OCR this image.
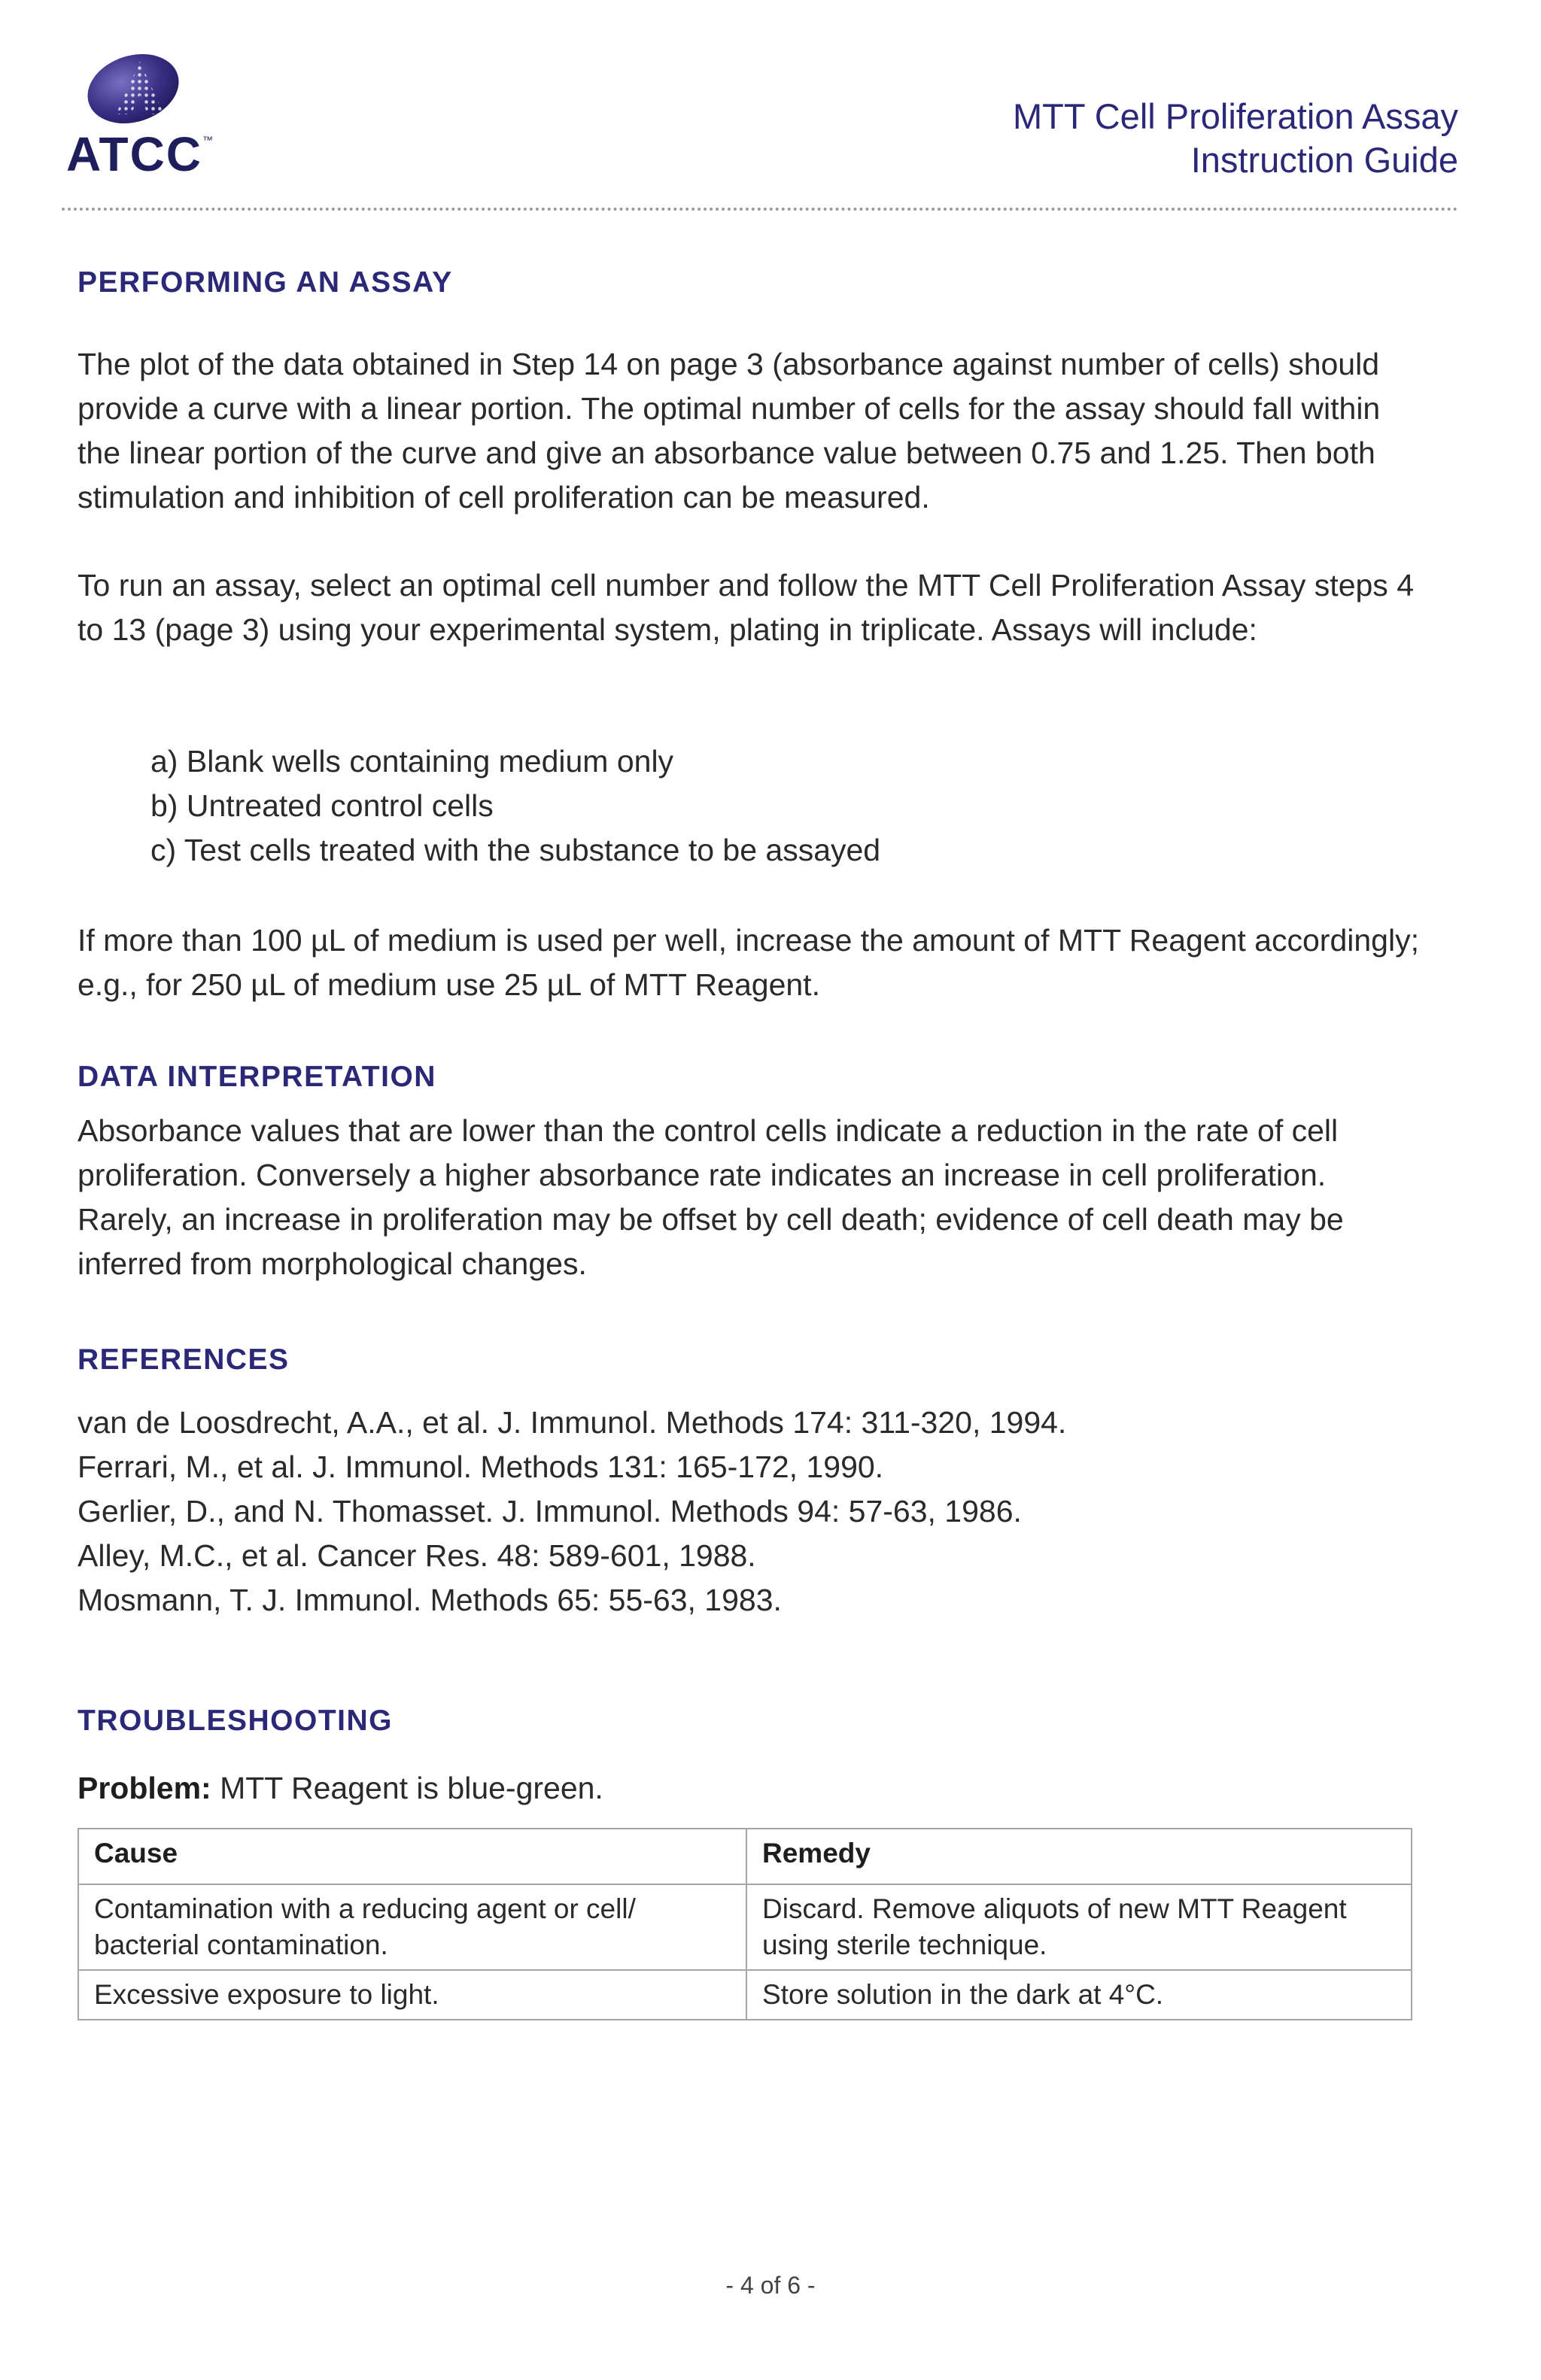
ATCC™
MTT Cell Proliferation Assay
Instruction Guide
PERFORMING AN ASSAY

The plot of the data obtained in Step 14 on page 3 (absorbance against number of cells) should provide a curve with a linear portion. The optimal number of cells for the assay should fall within the linear portion of the curve and give an absorbance value between 0.75 and 1.25. Then both stimulation and inhibition of cell proliferation can be measured.

To run an assay, select an optimal cell number and follow the MTT Cell Proliferation Assay steps 4 to 13 (page 3) using your experimental system, plating in triplicate. Assays will include:

a) Blank wells containing medium only
b) Untreated control cells
c) Test cells treated with the substance to be assayed

If more than 100 µL of medium is used per well, increase the amount of MTT Reagent accordingly; e.g., for 250 µL of medium use 25 µL of MTT Reagent.

DATA INTERPRETATION

Absorbance values that are lower than the control cells indicate a reduction in the rate of cell proliferation. Conversely a higher absorbance rate indicates an increase in cell proliferation. Rarely, an increase in proliferation may be offset by cell death; evidence of cell death may be inferred from morphological changes.

REFERENCES
van de Loosdrecht, A.A., et al. J. Immunol. Methods 174: 311-320, 1994.
Ferrari, M., et al. J. Immunol. Methods 131: 165-172, 1990.
Gerlier, D., and N. Thomasset. J. Immunol. Methods 94: 57-63, 1986.
Alley, M.C., et al. Cancer Res. 48: 589-601, 1988.
Mosmann, T. J. Immunol. Methods 65: 55-63, 1983.
TROUBLESHOOTING
Problem: MTT Reagent is blue-green.
Cause	Remedy
Contamination with a reducing agent or cell/ bacterial contamination.	Discard. Remove aliquots of new MTT Reagent using sterile technique.
Excessive exposure to light.	Store solution in the dark at 4°C.
- 4 of 6 -
